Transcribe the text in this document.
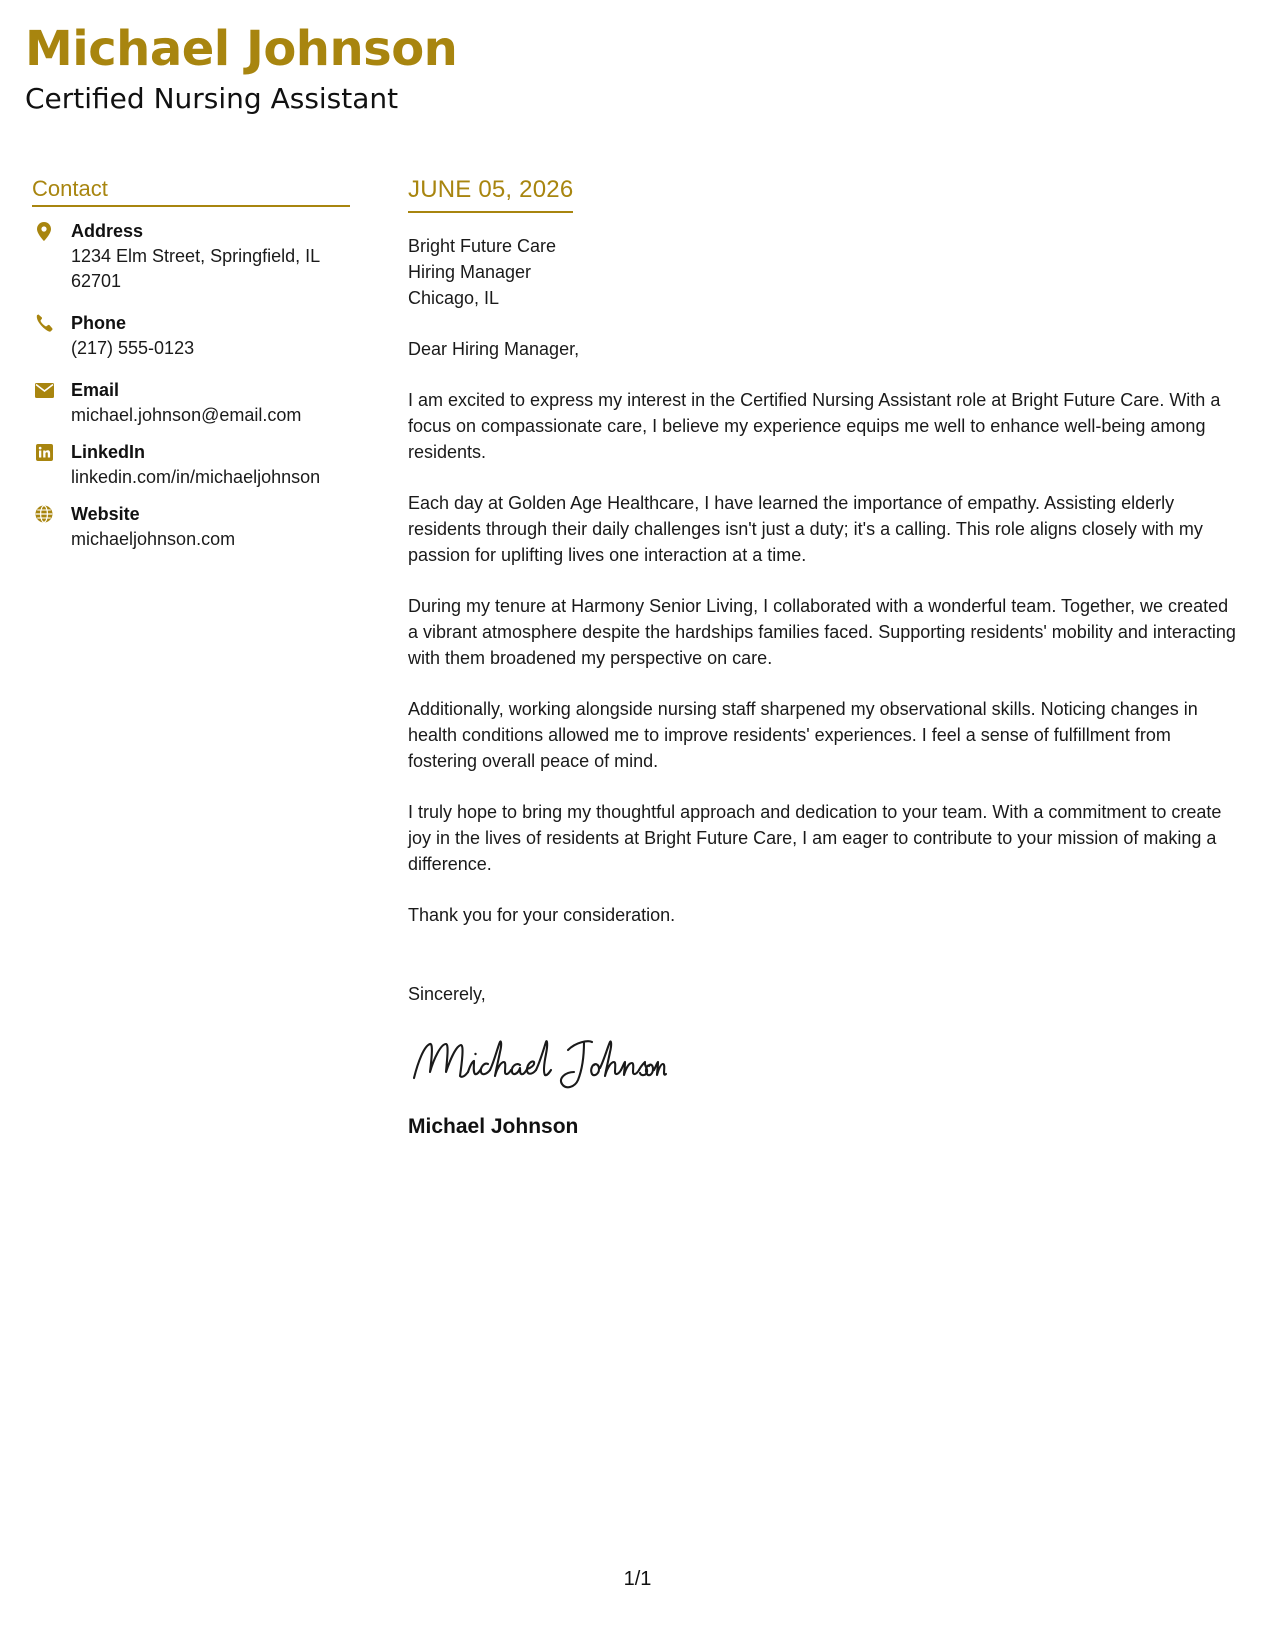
Michael Johnson
Certified Nursing Assistant
Contact
Address
1234 Elm Street, Springfield, IL 62701
Phone
(217) 555-0123
Email
michael.johnson@email.com
LinkedIn
linkedin.com/in/michaeljohnson
Website
michaeljohnson.com
JUNE 05, 2026
Bright Future Care
Hiring Manager
Chicago, IL
Dear Hiring Manager,

I am excited to express my interest in the Certified Nursing Assistant role at Bright Future Care. With a focus on compassionate care, I believe my experience equips me well to enhance well-being among residents.

Each day at Golden Age Healthcare, I have learned the importance of empathy. Assisting elderly residents through their daily challenges isn't just a duty; it's a calling. This role aligns closely with my passion for uplifting lives one interaction at a time.

During my tenure at Harmony Senior Living, I collaborated with a wonderful team. Together, we created a vibrant atmosphere despite the hardships families faced. Supporting residents' mobility and interacting with them broadened my perspective on care.

Additionally, working alongside nursing staff sharpened my observational skills. Noticing changes in health conditions allowed me to improve residents' experiences. I feel a sense of fulfillment from fostering overall peace of mind.

I truly hope to bring my thoughtful approach and dedication to your team. With a commitment to create joy in the lives of residents at Bright Future Care, I am eager to contribute to your mission of making a difference.

Thank you for your consideration.

Sincerely,
Michael Johnson
1/1
